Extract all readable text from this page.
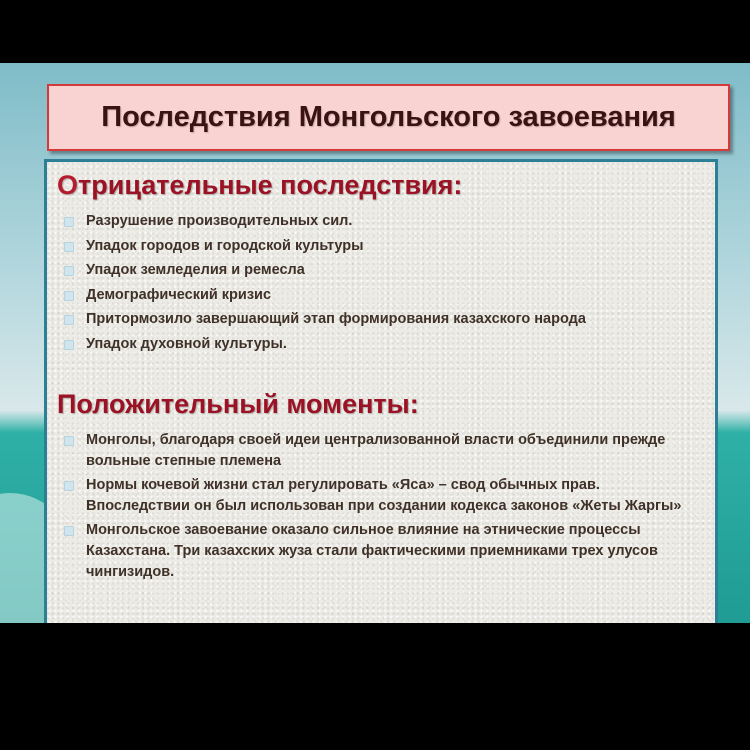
Последствия Монгольского завоевания
Отрицательные последствия:
Разрушение производительных сил.
Упадок городов и городской культуры
Упадок земледелия и ремесла
Демографический кризис
Притормозило завершающий этап формирования казахского народа
Упадок духовной культуры.
Положительный моменты:
Монголы, благодаря своей идеи централизованной власти объединили прежде вольные степные племена
Нормы кочевой жизни стал регулировать «Яса» – свод обычных прав. Впоследствии он был использован при создании кодекса законов «Жеты Жаргы»
Монгольское завоевание оказало сильное влияние на этнические процессы Казахстана. Три казахских жуза стали фактическими приемниками трех улусов чингизидов.
